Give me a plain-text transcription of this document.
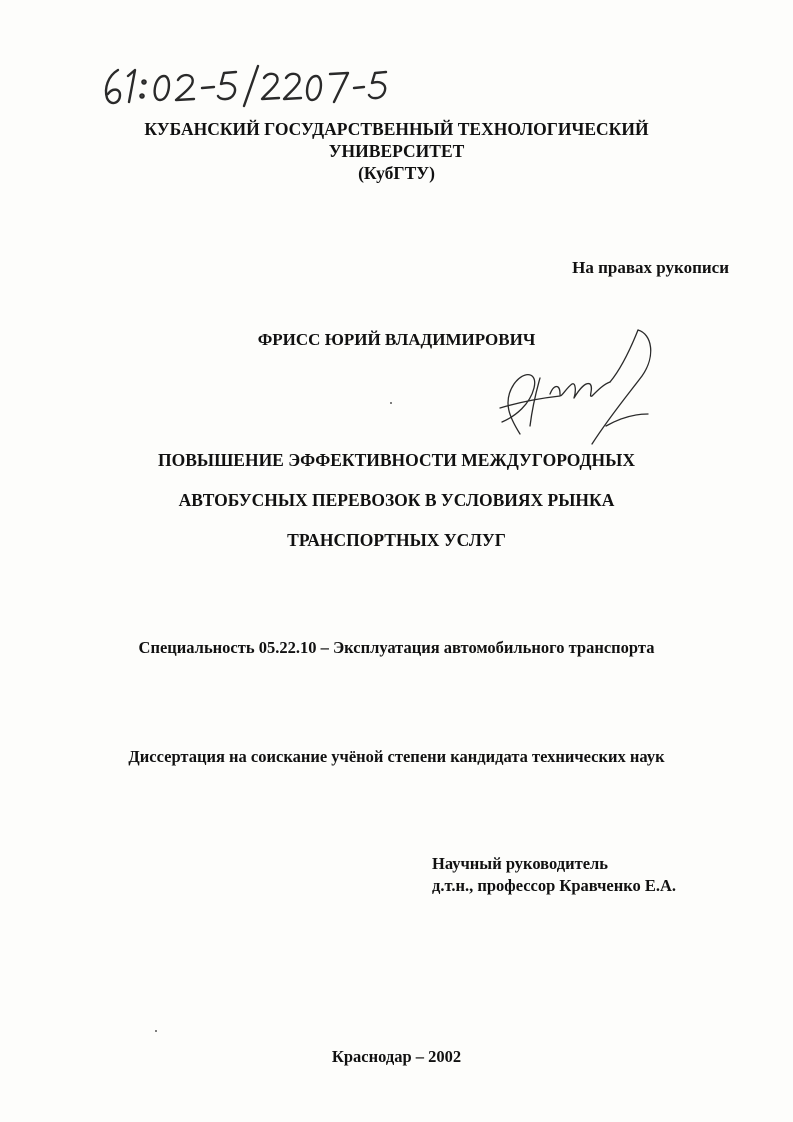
КУБАНСКИЙ ГОСУДАРСТВЕННЫЙ ТЕХНОЛОГИЧЕСКИЙ
УНИВЕРСИТЕТ
(КубГТУ)
На правах рукописи
ФРИСС ЮРИЙ ВЛАДИМИРОВИЧ
ПОВЫШЕНИЕ ЭФФЕКТИВНОСТИ МЕЖДУГОРОДНЫХ
АВТОБУСНЫХ ПЕРЕВОЗОК В УСЛОВИЯХ РЫНКА
ТРАНСПОРТНЫХ УСЛУГ
Специальность 05.22.10 – Эксплуатация автомобильного транспорта
Диссертация на соискание учёной степени кандидата технических наук
Научный руководитель
д.т.н., профессор Кравченко Е.А.
Краснодар – 2002
